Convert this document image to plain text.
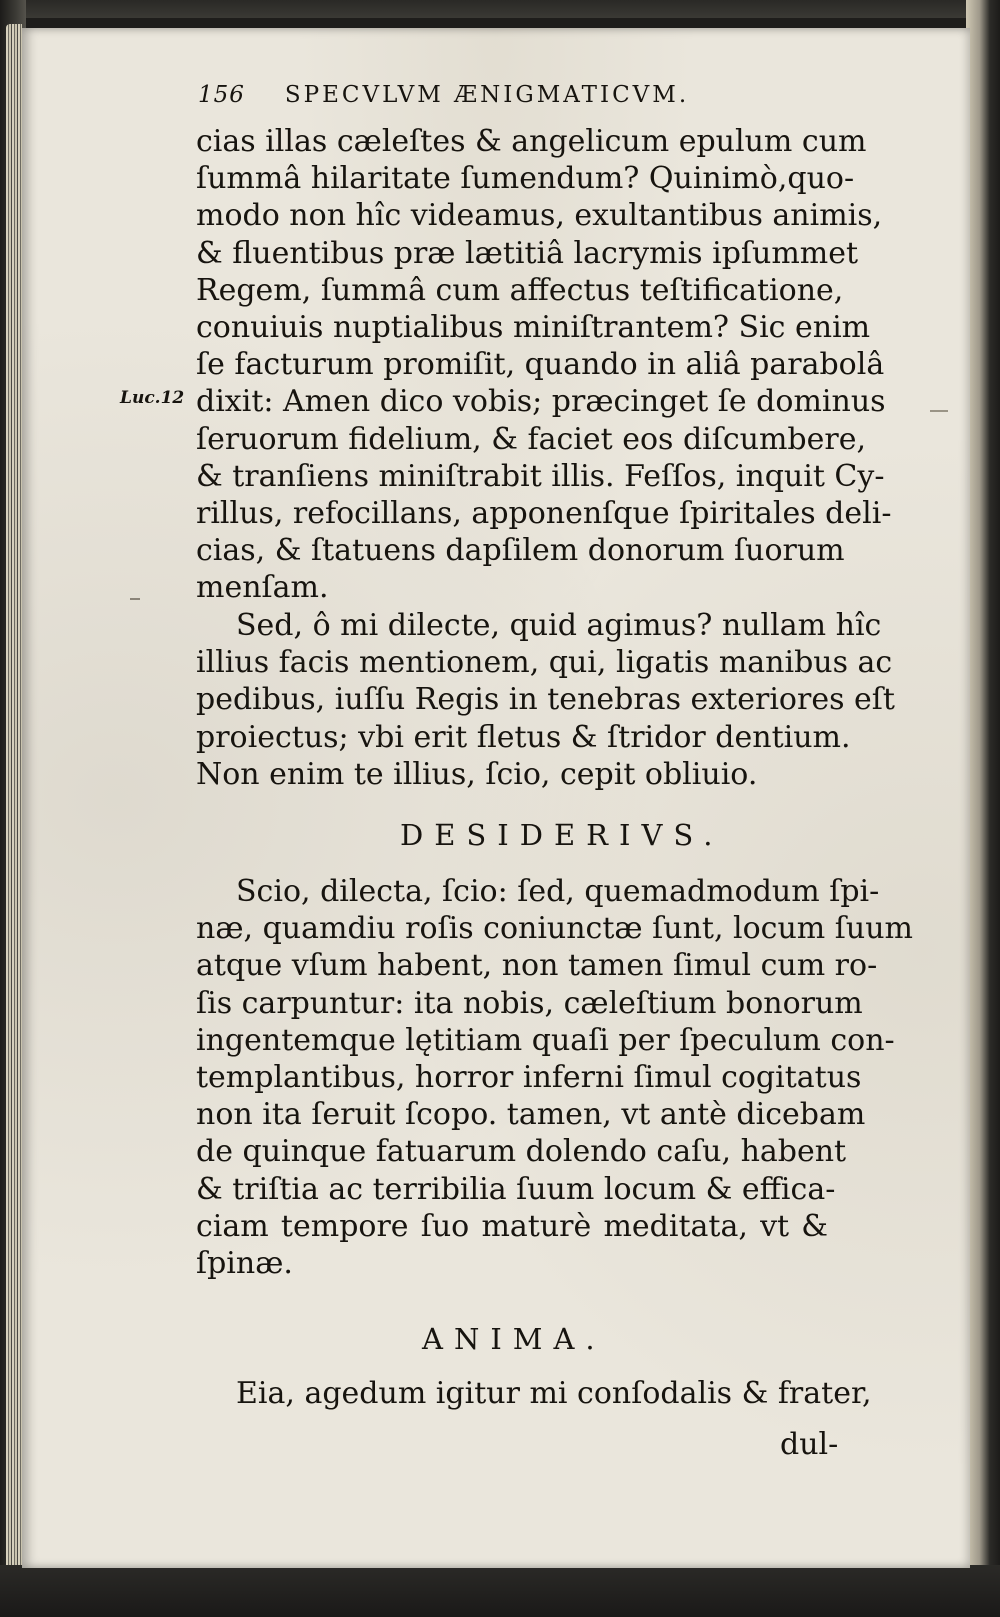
156 SPECVLVM ÆNIGMATICVM.
Luc.12
cias illas cæleſtes & angelicum epulum cum
ſummâ hilaritate ſumendum? Quinimò,quo-
modo non hîc videamus, exultantibus animis,
& fluentibus præ lætitiâ lacrymis ipſummet
Regem, ſummâ cum affectus teſtificatione,
conuiuis nuptialibus miniſtrantem? Sic enim
ſe facturum promiſit, quando in aliâ parabolâ
dixit: Amen dico vobis; præcinget ſe dominus
ſeruorum fidelium, & faciet eos diſcumbere,
& tranſiens miniſtrabit illis. Feſſos, inquit Cy-
rillus, refocillans, apponenſque ſpiritales deli-
cias, & ſtatuens dapſilem donorum ſuorum
menſam.
Sed, ô mi dilecte, quid agimus? nullam hîc
illius facis mentionem, qui, ligatis manibus ac
pedibus, iuſſu Regis in tenebras exteriores eſt
proiectus; vbi erit fletus & ſtridor dentium.
Non enim te illius, ſcio, cepit obliuio.
DESIDERIVS.
Scio, dilecta, ſcio: ſed, quemadmodum ſpi-
næ, quamdiu roſis coniunctæ ſunt, locum ſuum
atque vſum habent, non tamen ſimul cum ro-
ſis carpuntur: ita nobis, cæleſtium bonorum
ingentemque lętitiam quaſi per ſpeculum con-
templantibus, horror inferni ſimul cogitatus
non ita ſeruit ſcopo. tamen, vt antè dicebam
de quinque fatuarum dolendo caſu, habent
& triſtia ac terribilia ſuum locum & effica-
ciam tempore ſuo maturè meditata, vt &
ſpinæ.
ANIMA.
Eia, agedum igitur mi conſodalis & frater,
dul-
